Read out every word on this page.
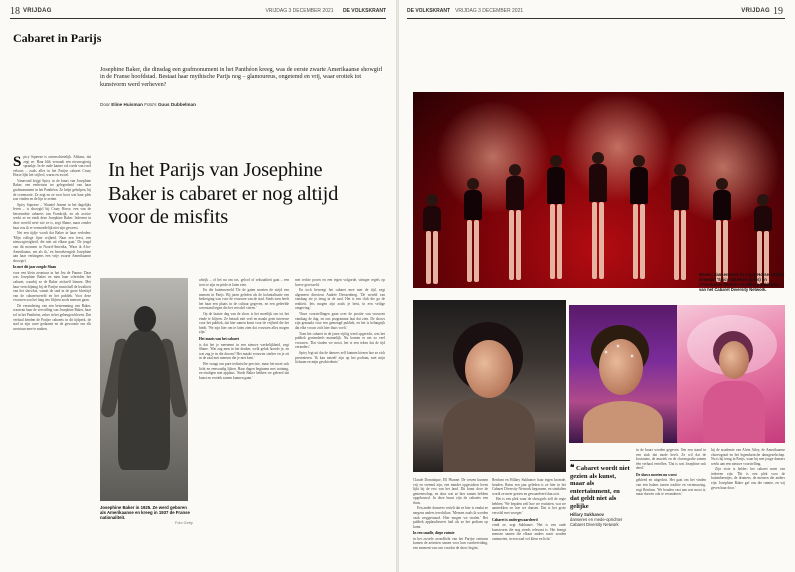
18 VRIJDAG	VRIJDAG 3 DECEMBER 2021 DE VOLKSKRANT	DE VOLKSKRANT VRIJDAG 3 DECEMBER 2021	VRIJDAG 19
Cabaret in Parijs
Josephine Baker, die dinsdag een grafmonument in het Panthéon kreeg, was de eerste zwarte Amerikaanse showgirl in de Franse hoofdstad. Bestaat haar mythische Parijs nog – glamoureus, ongetemd en vrij, waar erotiek tot kunstvorm werd verheven?
Door Eline Huisman Foto's Guus Dubbelman
In het Parijs van Josephine Baker is cabaret er nog altijd voor de misfits

Spicy Squeeze is ontoeschietelijk. Althans, dat zegt ze. Haar blik verraadt een nieuwsgierig sprankje. In de oude kamer vol roeds van rood velours – zoals alles in het Parijse cabaret Crazy Horse lijkt het stijlvol, warm en zwoel.

Vanavond krijgt Spicy in de buurt van Josephine Baker, een eerbetoon ter gelegenheid van haar grafmonument in het Panthéon. Ze helpt geholpen, bij de ceremonie. Ze zegt en ze voor hoor wat haar plek zou vinden en de lijn te zetten.

Spicy Squeeze – 'Shantel Jeanne in het dagelijks leven – is showgirl bij Crazy Horse, een van de beroemdste cabarets van Frankrijk, en als actrice werkt ze en vindt deze Josephine Baker. Iedereen in deze wereld weet wie ze is, zegt Shane, maar zonder haar zou ik er vermoedelijk niet zijn geweest.

Net een tijdje wordt dat Baker in haar verleden: 'Mijn college fijne vrijheid. Naar een feest, een nieuwsgierigheid, die niet uit elkaar gaat.' De jeugd van dit moment in Noord-Amerika, 'Waar ik Afro-Amerikaans, net als ik,' en bezoekersgids Josephine aan haar verlangens een vrije zwarte Amerikaanse showgirl.

In met dit jaar zorgde Sloan

voor een klein avontuur in het Jeu de Paume. Daar was Josephine Baker en men haar schreiden het cabaret, waarbij ze de Baker zichzelf binnen. Met haar verschijning bij de Parijse musichall de kwaliteit van het showbiz, vanuit de stad in de grote bloeitijd van de cabaretwereld en het publiek. Voor deze vrouwen zou het lang iets blijven zoals mensen gaan.

De verandering van een bestemming van Baker, waarvan haar de vervulling van Josephine Baker, haar rol in het Panthéon, zeker in het geheugen bleven. Dat verhaal kenden de Parijse cabarets in dit tijdperk, de stad in zijn ware gedaante en de gewoonte om elk avontuur mee te maken.

Josephine Baker in 1925. Ze werd geboren als Amerikaanse en kreeg in 1937 de Franse nationaliteit.
Foto Getty

afwijk – of het nu om ras, geloof of seksualiteit gaat – een trots te zijn en pride te laten zien.

En die buitenwereld 'De de gaten moeten de strijd een mensen in Parijs. Bij jaren geleden als de kolonialisatie een bedreiging was voor de vrouwen van de stad. Sinds toen heeft het haar een plaats in de cultuur gegeven, en een gedeelde weerstand tegen die het verschil vieren.'

Op de laatste dag van de show is het moeilijk om tot het einde te blijven. Ze betaalt niet veel en maakt geen interesse voor het publiek, dat hier samen komt voor de vrijheid die het biedt. 'We zijn hier om te laten zien dat vrouwen alles mogen zijn.'

Het moois van het cabaret

is dat het je meenemt in een nieuwe werkelijkheid, zegt Shane. 'Wat zag men in het donker, welk geluk hoorde je, en wat zag je in die droom? Het maakt vrouwen sterker en je zit in de zaal met mensen die je niet kent.'

Het vraagt om pure technische precisie, maar het moet ook licht en eenvoudig lijken. Haar dagen beginnen met training, en eindigen met applaus. 'Sinds Baker hebben we geleerd dat kunst en erotiek samen kunnen gaan.'

met rechte posen en een eigen volgorde, stringer regels op hoeve gewisseld.

En toch beweegt het cabaret mee met de tijd, zegt algemeen directeur Andrée Deissenberg. 'De wereld van vandaag zie je terug in de zaal. Het is een club die go de realiteit. Iets mogen zijn zoals je bent, in een veilige omgeving.'

'Onze voorstellingen gaan over de positie van vrouwen vandaag de dag, en ons programma laat dat zien. De shows zijn gemaakt voor een gemengd publiek, en het is belangrijk dat elke vrouw zich hier thuis voelt.'

Toen het cabaret in de jaren vijftig werd opgericht, was het publiek grotendeels mannelijk. Nu komen er net zo veel vrouwen. 'Dat vinden we mooi, het is een teken dat de tijd verandert.'

Spicy legt uit dat de dansers zelf kunnen kiezen hoe ze zich presenteren. 'Ik kan mezelf zijn op het podium, met mijn lichaam en mijn geschiedenis.'

Boven: danseressen in Crazy Horse. Onder: showgirl 'Spicy Squeeze' (links) en Christopher Renfurn en Hillary Sukhanov van het Cabaret Diversity Network.

Claude Dominique, Ell Phanne. De wezen kunnen vrij en vreemd zijn, een minder opgestoken leven lijkt bij de rest van het land. Dit komt door de gemeenschap, en door wat ze hier samen hebben opgebouwd. In deze buurt zijn de cabarets een thuis.

Een ander danseres vertelt dat ze hier is omdat ze nergens anders terechtkon. 'Mensen zoals ik worden vaak weggestuurd. Hier mogen we stralen.' Het publiek applaudisseert luid als ze het podium op komt.

In een smalle, diepe ruimte

in het zwoele avondlicht van het Parijse centrum komen de artiesten samen voor hun voorbereiding, een moment van rust voordat de show begint.

Renfurn en Hillary Sukhanov haar eigen kromde, houden. Ruim een jaar geleden is ze hier in het Cabaret Diversity Network begonnen, en sindsdien wordt ze meer gezien en gewaardeerd dan ooit.

Het is een plek waar de showgirls zelf de regie hebben. 'We bepalen zelf hoe we eruitzien, wat we aantrekken en hoe we dansen. Dat is het grote verschil met vroeger.'

Cabaret is ondergewaardeerd

vindt ze, zegt Sukhanov. 'Het is een oude kunstvorm die nog steeds relevant is. Het brengt mensen samen die elkaar anders nooit zouden ontmoeten, in een zaal vol kleur en licht.'

❝ Cabaret wordt niet gezien als kunst, maar als entertainment, en dat geldt niet als gelijke
Hillary Sukhanov
danseres en mede-oprichter Cabaret Diversity Network

in de buurt worden gegeven. Om een stand in een stuk dat mode heeft. Ze wil dat de kostuums, de muziek en de choreografie samen één verhaal vertellen. 'Dat is wat Josephine ook deed.'

De shows moeten nu worst

gekleed en uitgedost. Het gaat om het vinden van een balans tussen traditie en vernieuwing, zegt Renfurn. 'We houden vast aan wat mooi is, maar durven ook te veranderen.'

hij de academie van Alvin Ailey, de Amerikaanse choreograaf en het legendarische dansgezelschap. Nu is hij terug in Parijs, waar hij met jonge dansers werkt aan een nieuwe voorstelling.

Zijn visie is helder: het cabaret moet van iedereen zijn. 'Dit is een plek voor de buitenbeentjes, de dromers, de mensen die anders zijn. Josephine Baker gaf ons die ruimte, en wij geven haar door.'
